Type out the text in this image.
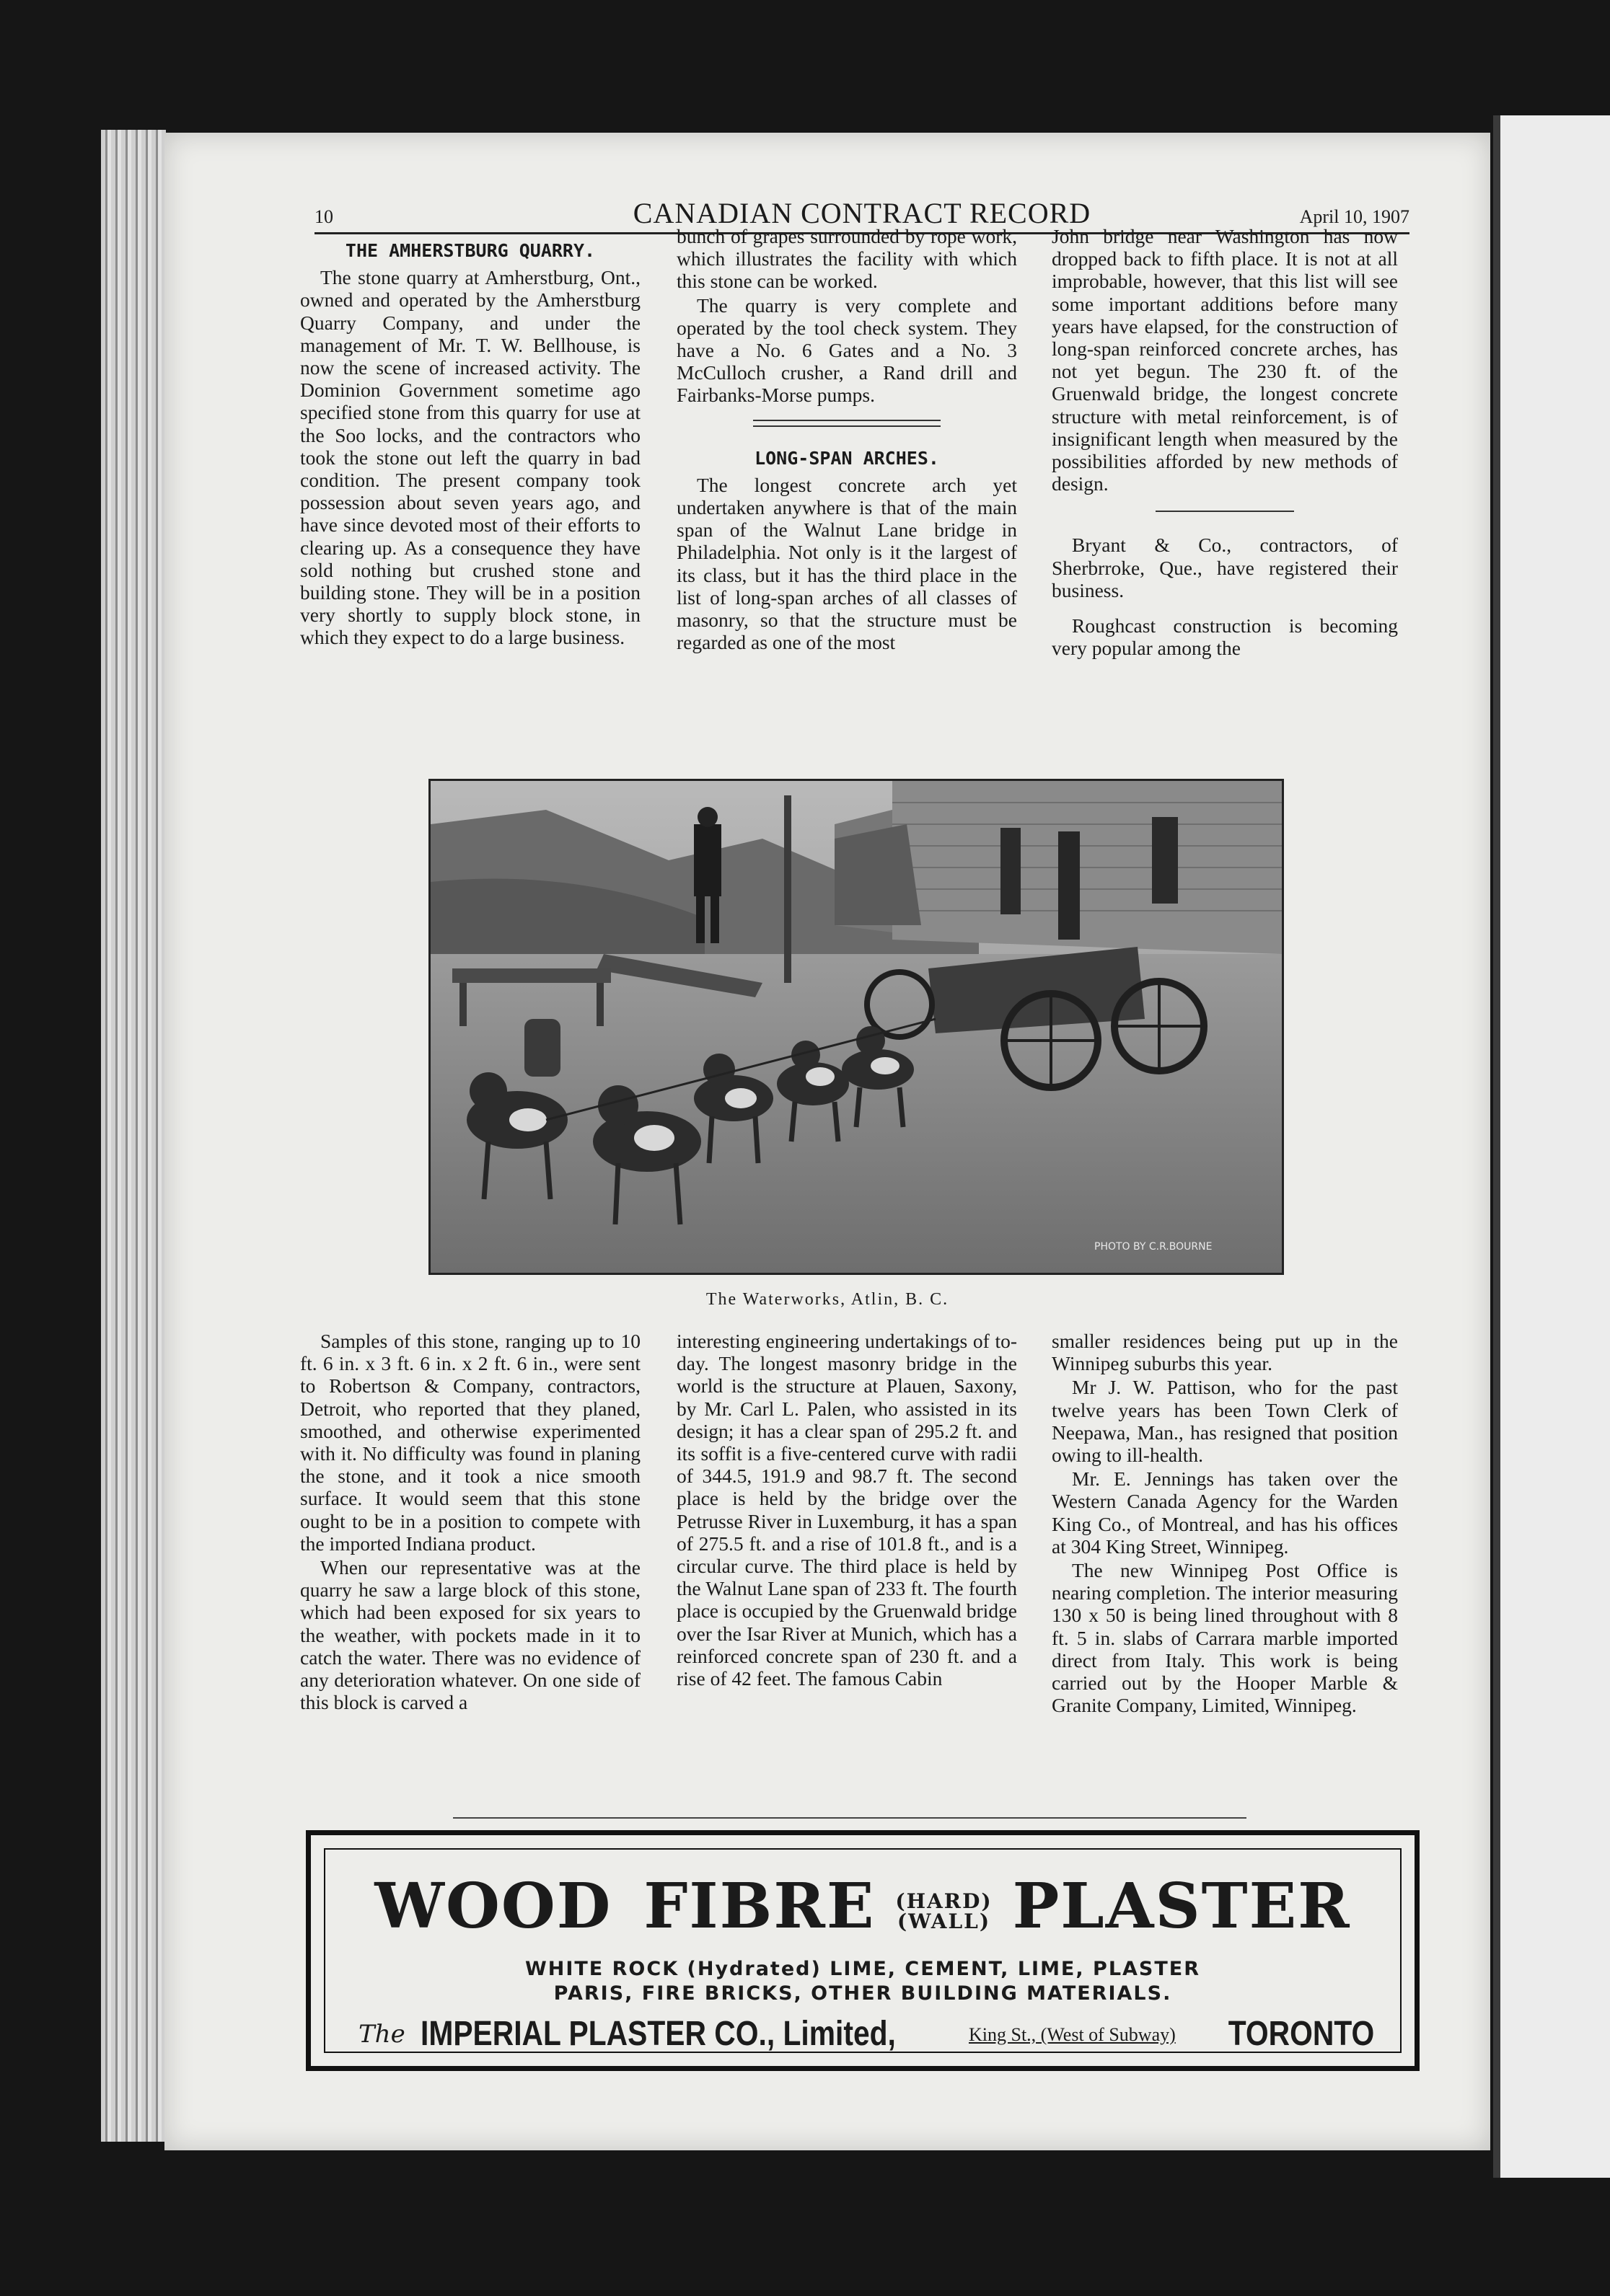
10	CANADIAN CONTRACT RECORD	April 10, 1907
THE AMHERSTBURG QUARRY.

The stone quarry at Amherstburg, Ont., owned and operated by the Amherstburg Quarry Company, and under the management of Mr. T. W. Bellhouse, is now the scene of increased activity. The Dominion Government sometime ago specified stone from this quarry for use at the Soo locks, and the contractors who took the stone out left the quarry in bad condition. The present company took possession about seven years ago, and have since devoted most of their efforts to clearing up. As a consequence they have sold nothing but crushed stone and building stone. They will be in a position very shortly to supply block stone, in which they expect to do a large business.

bunch of grapes surrounded by rope work, which illustrates the facility with which this stone can be worked.

The quarry is very complete and operated by the tool check system. They have a No. 6 Gates and a No. 3 McCulloch crusher, a Rand drill and Fairbanks-Morse pumps.

LONG-SPAN ARCHES.

The longest concrete arch yet undertaken anywhere is that of the main span of the Walnut Lane bridge in Philadelphia. Not only is it the largest of its class, but it has the third place in the list of long-span arches of all classes of masonry, so that the structure must be regarded as one of the most

John bridge near Washington has now dropped back to fifth place. It is not at all improbable, however, that this list will see some important additions before many years have elapsed, for the construction of long-span reinforced concrete arches, has not yet begun. The 230 ft. of the Gruenwald bridge, the longest concrete structure with metal reinforcement, is of insignificant length when measured by the possibilities afforded by new methods of design.

Bryant & Co., contractors, of Sherbrroke, Que., have registered their business.

Roughcast construction is becoming very popular among the

PHOTO BY C.R.BOURNE
The Waterworks, Atlin, B. C.

Samples of this stone, ranging up to 10 ft. 6 in. x 3 ft. 6 in. x 2 ft. 6 in., were sent to Robertson & Company, contractors, Detroit, who reported that they planed, smoothed, and otherwise experimented with it. No difficulty was found in planing the stone, and it took a nice smooth surface. It would seem that this stone ought to be in a position to compete with the imported Indiana product.

When our representative was at the quarry he saw a large block of this stone, which had been exposed for six years to the weather, with pockets made in it to catch the water. There was no evidence of any deterioration whatever. On one side of this block is carved a

interesting engineering undertakings of to-day. The longest masonry bridge in the world is the structure at Plauen, Saxony, by Mr. Carl L. Palen, who assisted in its design; it has a clear span of 295.2 ft. and its soffit is a five-centered curve with radii of 344.5, 191.9 and 98.7 ft. The second place is held by the bridge over the Petrusse River in Luxemburg, it has a span of 275.5 ft. and a rise of 101.8 ft., and is a circular curve. The third place is held by the Walnut Lane span of 233 ft. The fourth place is occupied by the Gruenwald bridge over the Isar River at Munich, which has a reinforced concrete span of 230 ft. and a rise of 42 feet. The famous Cabin

smaller residences being put up in the Winnipeg suburbs this year.

Mr J. W. Pattison, who for the past twelve years has been Town Clerk of Neepawa, Man., has resigned that position owing to ill-health.

Mr. E. Jennings has taken over the Western Canada Agency for the Warden King Co., of Montreal, and has his offices at 304 King Street, Winnipeg.

The new Winnipeg Post Office is nearing completion. The interior measuring 130 x 50 is being lined throughout with 8 ft. 5 in. slabs of Carrara marble imported direct from Italy. This work is being carried out by the Hooper Marble & Granite Company, Limited, Winnipeg.

WOOD FIBRE (HARD)
(WALL) PLASTER
WHITE ROCK (Hydrated) LIME, CEMENT, LIME, PLASTER
PARIS, FIRE BRICKS, OTHER BUILDING MATERIALS.
The IMPERIAL PLASTER CO., Limited,	King St., (West of Subway) TORONTO
